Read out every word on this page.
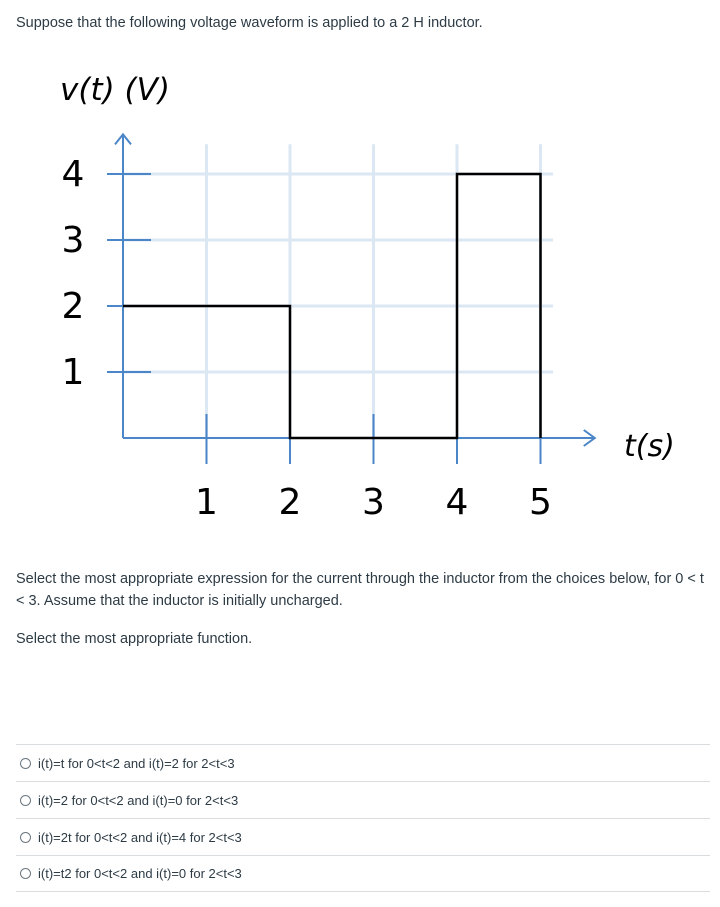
Suppose that the following voltage waveform is applied to a 2 H inductor.

4
3
2
1
1 2 3 4 5
v(t) (V)
t(s)

Select the most appropriate expression for the current through the inductor from the choices below, for 0 < t < 3. Assume that the inductor is initially uncharged.

Select the most appropriate function.

i(t)=t for 0<t<2 and i(t)=2 for 2<t<3
i(t)=2 for 0<t<2 and i(t)=0 for 2<t<3
i(t)=2t for 0<t<2 and i(t)=4 for 2<t<3
i(t)=t2 for 0<t<2 and i(t)=0 for 2<t<3
